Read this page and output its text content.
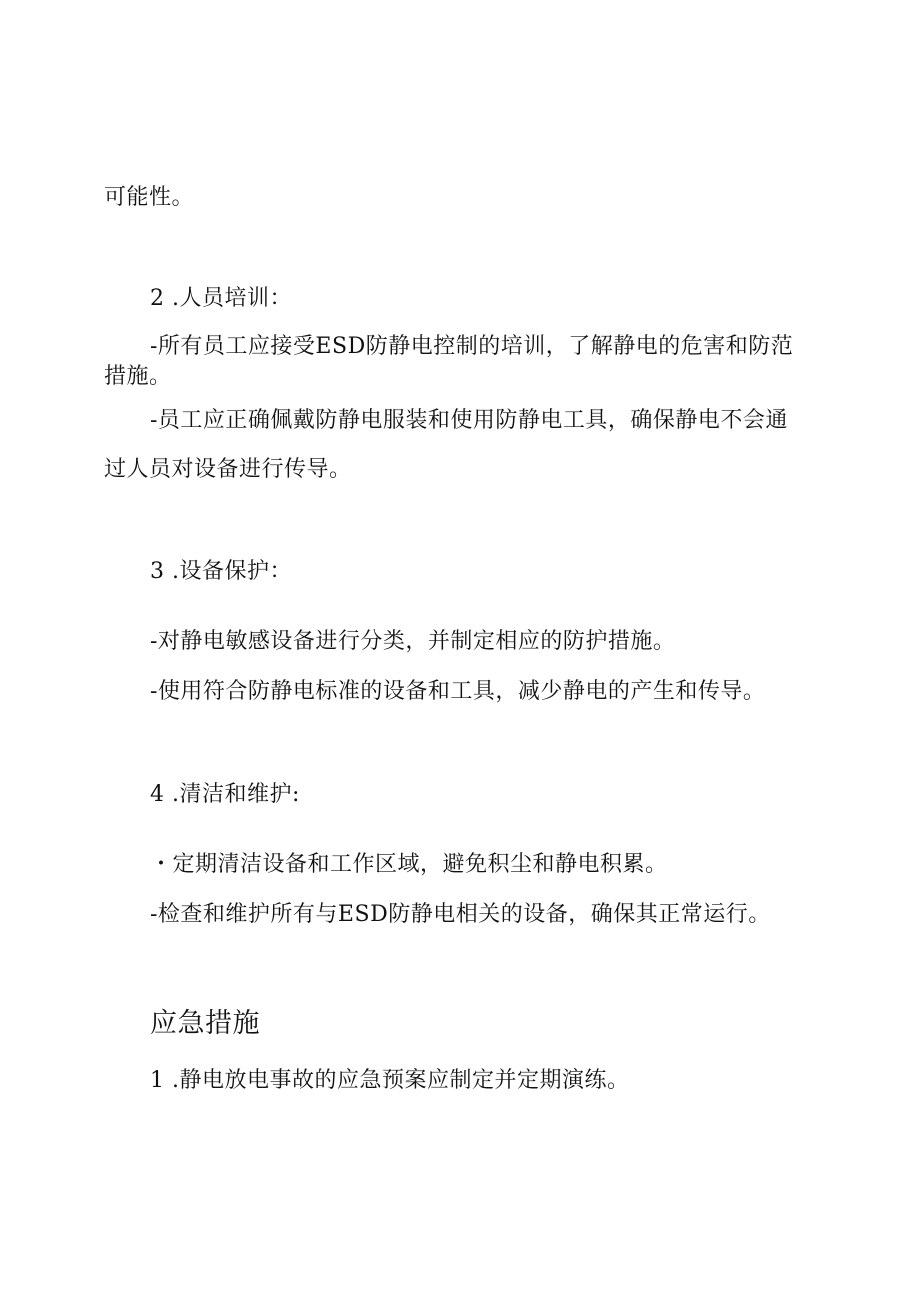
可能性。
2 .人员培训：
-所有员工应接受ESD防静电控制的培训，了解静电的危害和防范
措施。
-员工应正确佩戴防静电服装和使用防静电工具，确保静电不会通
过人员对设备进行传导。
3 .设备保护：
-对静电敏感设备进行分类，并制定相应的防护措施。
-使用符合防静电标准的设备和工具，减少静电的产生和传导。
4 .清洁和维护:
・定期清洁设备和工作区域，避免积尘和静电积累。
-检查和维护所有与ESD防静电相关的设备，确保其正常运行。
应急措施
1 .静电放电事故的应急预案应制定并定期演练。
